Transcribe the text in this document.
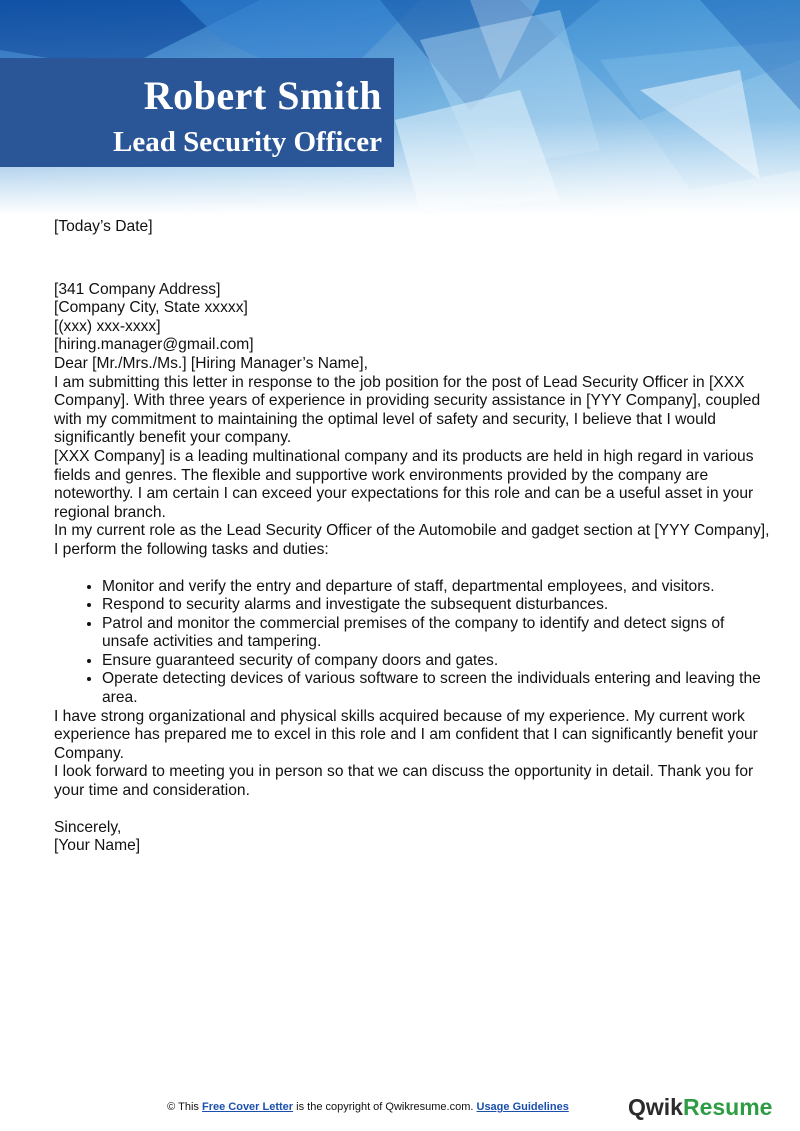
Robert Smith
Lead Security Officer

[Today’s Date]

[341 Company Address]

[Company City, State xxxxx]

[(xxx) xxx-xxxx]

[hiring.manager@gmail.com]

Dear [Mr./Mrs./Ms.] [Hiring Manager’s Name],

I am submitting this letter in response to the job position for the post of Lead Security Officer in [XXX Company]. With three years of experience in providing security assistance in [YYY Company], coupled with my commitment to maintaining the optimal level of safety and security, I believe that I would significantly benefit your company.

[XXX Company] is a leading multinational company and its products are held in high regard in various fields and genres. The flexible and supportive work environments provided by the company are noteworthy. I am certain I can exceed your expectations for this role and can be a useful asset in your regional branch.

In my current role as the Lead Security Officer of the Automobile and gadget section at [YYY Company], I perform the following tasks and duties:

• Monitor and verify the entry and departure of staff, departmental employees, and visitors.
• Respond to security alarms and investigate the subsequent disturbances.
• Patrol and monitor the commercial premises of the company to identify and detect signs of unsafe activities and tampering.
• Ensure guaranteed security of company doors and gates.
• Operate detecting devices of various software to screen the individuals entering and leaving the area.

I have strong organizational and physical skills acquired because of my experience. My current work experience has prepared me to excel in this role and I am confident that I can significantly benefit your Company.

I look forward to meeting you in person so that we can discuss the opportunity in detail. Thank you for your time and consideration.

Sincerely,

[Your Name]

© This Free Cover Letter is the copyright of Qwikresume.com. Usage Guidelines	QwikResume
